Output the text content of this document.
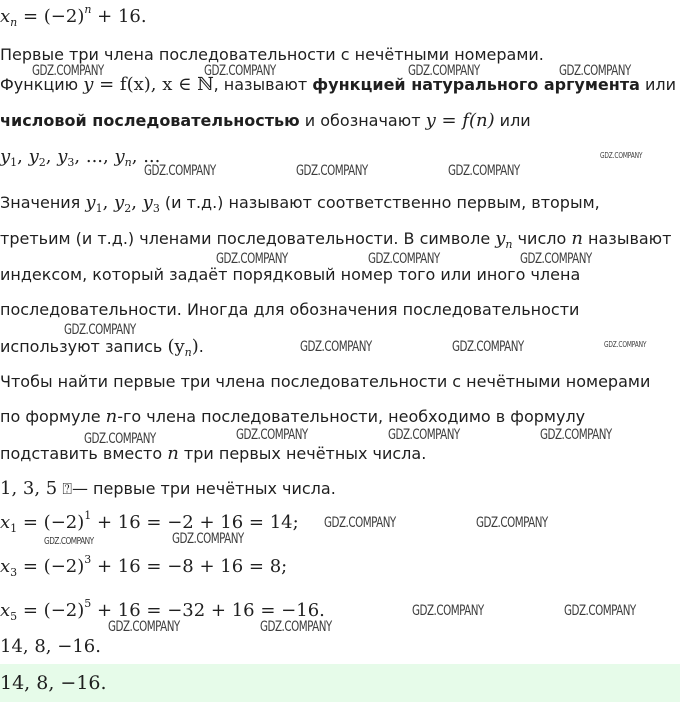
$x_n = (-2)^n + 16$.
Первые три члена последовательности с нечётными номерами.
Функцию y = f(x), x ∈ ℕ, называют функцией натурального аргумента или
числовой последовательностью и обозначают y = f(n) или
$y_1$, $y_2$, $y_3$, ..., $y_n$, ...
Значения $y_1$, $y_2$, $y_3$ (и т.д.) называют соответственно первым, вторым,
третьим (и т.д.) членами последовательности. В символе $y_n$ число n называют
индексом, который задаёт порядковый номер того или иного члена
последовательности. Иногда для обозначения последовательности
используют запись $(y_n)$.
Чтобы найти первые три члена последовательности с нечётными номерами
по формуле n-го члена последовательности, необходимо в формулу
подставить вместо n три первых нечётных числа.
1, 3, 5 ⍰— первые три нечётных числа.
$x_1 = (-2)^1 + 16 = -2 + 16 = 14$;
$x_3 = (-2)^3 + 16 = -8 + 16 = 8$;
$x_5 = (-2)^5 + 16 = -32 + 16 = -16$.
14, 8, −16.
14, 8, −16.
GDZ.COMPANY	GDZ.COMPANY	GDZ.COMPANY	GDZ.COMPANY
GDZ.COMPANY
GDZ.COMPANY	GDZ.COMPANY	GDZ.COMPANY
GDZ.COMPANY	GDZ.COMPANY	GDZ.COMPANY
GDZ.COMPANY
GDZ.COMPANY	GDZ.COMPANY	GDZ.COMPANY
GDZ.COMPANY	GDZ.COMPANY	GDZ.COMPANY
GDZ.COMPANY
GDZ.COMPANY	GDZ.COMPANY
GDZ.COMPANY	GDZ.COMPANY
GDZ.COMPANY	GDZ.COMPANY
GDZ.COMPANY	GDZ.COMPANY
